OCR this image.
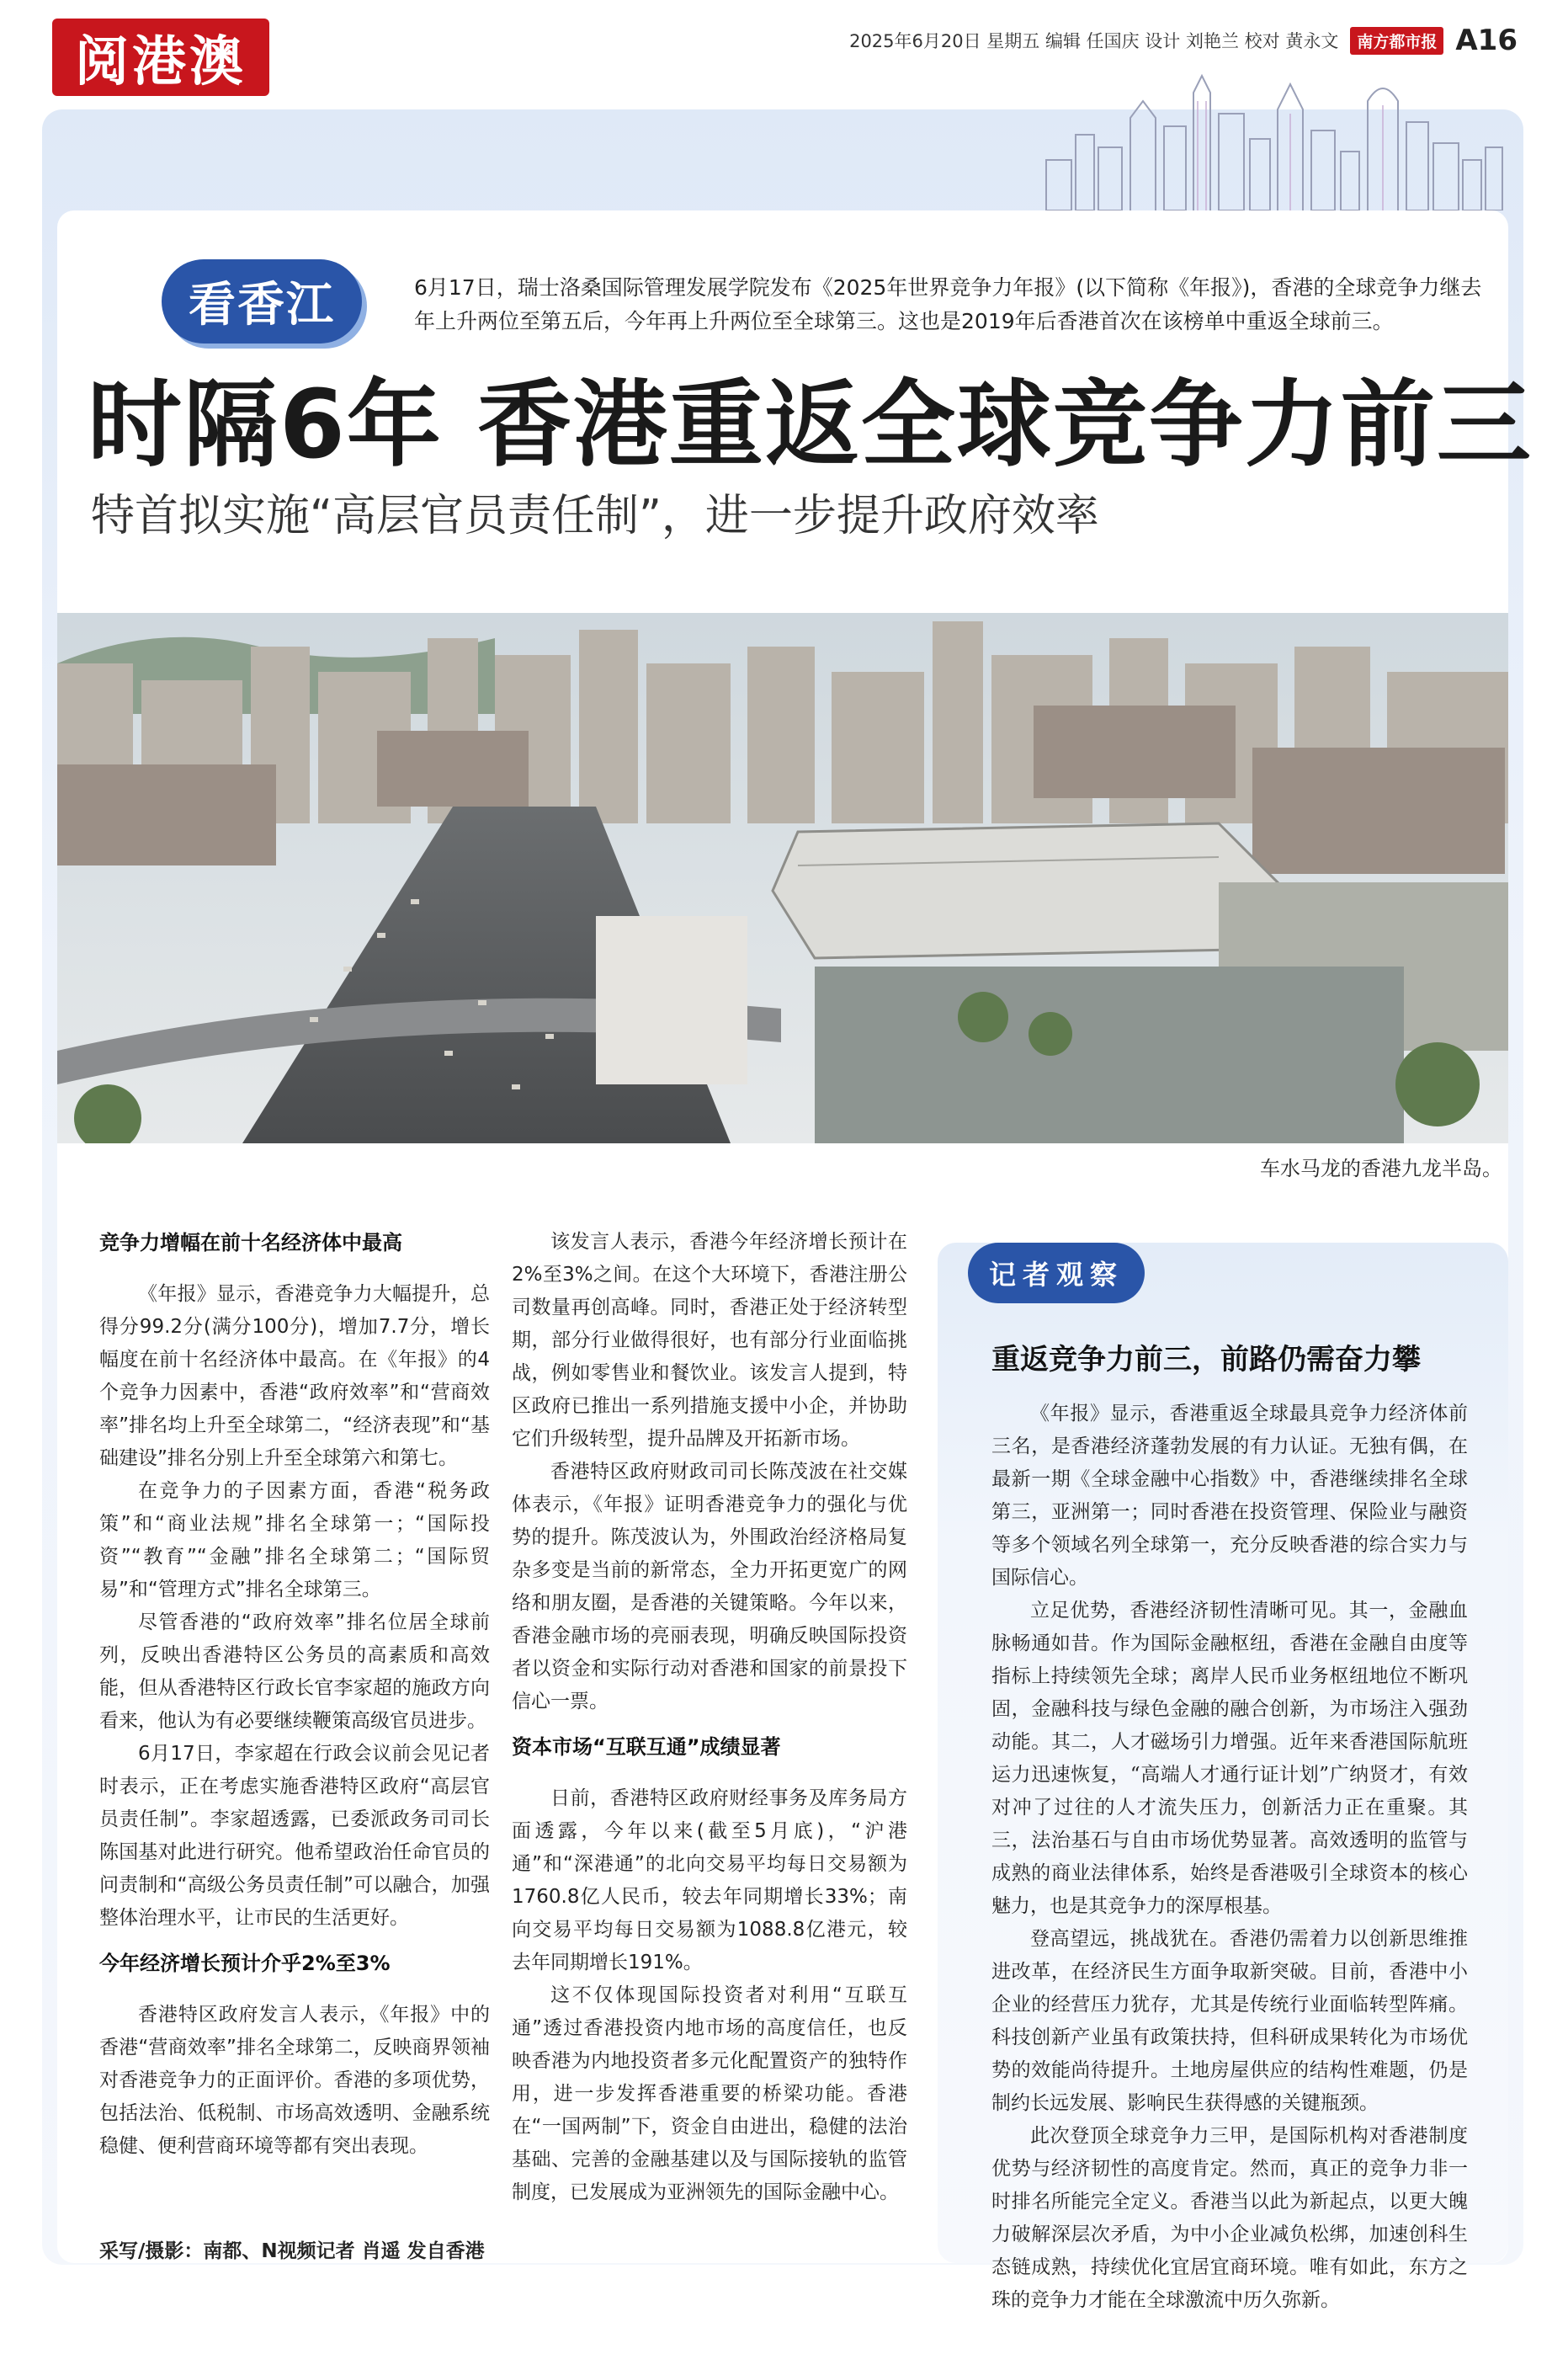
阅港澳	2025年6月20日 星期五 编辑 任国庆 设计 刘艳兰 校对 黄永文	南方都市报 A16
看香江	6月17日，瑞士洛桑国际管理发展学院发布《2025年世界竞争力年报》(以下简称《年报》)，香港的全球竞争力继去年上升两位至第五后，今年再上升两位至全球第三。这也是2019年后香港首次在该榜单中重返全球前三。
时隔6年 香港重返全球竞争力前三
特首拟实施“高层官员责任制”，进一步提升政府效率
车水马龙的香港九龙半岛。
竞争力增幅在前十名经济体中最高

《年报》显示，香港竞争力大幅提升，总得分99.2分(满分100分)，增加7.7分，增长幅度在前十名经济体中最高。在《年报》的4个竞争力因素中，香港“政府效率”和“营商效率”排名均上升至全球第二，“经济表现”和“基础建设”排名分别上升至全球第六和第七。

在竞争力的子因素方面，香港“税务政策”和“商业法规”排名全球第一；“国际投资”“教育”“金融”排名全球第二；“国际贸易”和“管理方式”排名全球第三。

尽管香港的“政府效率”排名位居全球前列，反映出香港特区公务员的高素质和高效能，但从香港特区行政长官李家超的施政方向看来，他认为有必要继续鞭策高级官员进步。

6月17日，李家超在行政会议前会见记者时表示，正在考虑实施香港特区政府“高层官员责任制”。李家超透露，已委派政务司司长陈国基对此进行研究。他希望政治任命官员的问责制和“高级公务员责任制”可以融合，加强整体治理水平，让市民的生活更好。

今年经济增长预计介乎2%至3%

香港特区政府发言人表示，《年报》中的香港“营商效率”排名全球第二，反映商界领袖对香港竞争力的正面评价。香港的多项优势，包括法治、低税制、市场高效透明、金融系统稳健、便利营商环境等都有突出表现。

该发言人表示，香港今年经济增长预计在2%至3%之间。在这个大环境下，香港注册公司数量再创高峰。同时，香港正处于经济转型期，部分行业做得很好，也有部分行业面临挑战，例如零售业和餐饮业。该发言人提到，特区政府已推出一系列措施支援中小企，并协助它们升级转型，提升品牌及开拓新市场。

香港特区政府财政司司长陈茂波在社交媒体表示，《年报》证明香港竞争力的强化与优势的提升。陈茂波认为，外围政治经济格局复杂多变是当前的新常态，全力开拓更宽广的网络和朋友圈，是香港的关键策略。今年以来，香港金融市场的亮丽表现，明确反映国际投资者以资金和实际行动对香港和国家的前景投下信心一票。

资本市场“互联互通”成绩显著

日前，香港特区政府财经事务及库务局方面透露，今年以来(截至5月底)，“沪港通”和“深港通”的北向交易平均每日交易额为1760.8亿人民币，较去年同期增长33%；南向交易平均每日交易额为1088.8亿港元，较去年同期增长191%。

这不仅体现国际投资者对利用“互联互通”透过香港投资内地市场的高度信任，也反映香港为内地投资者多元化配置资产的独特作用，进一步发挥香港重要的桥梁功能。香港在“一国两制”下，资金自由进出，稳健的法治基础、完善的金融基建以及与国际接轨的监管制度，已发展成为亚洲领先的国际金融中心。

记者观察
重返竞争力前三，前路仍需奋力攀

《年报》显示，香港重返全球最具竞争力经济体前三名，是香港经济蓬勃发展的有力认证。无独有偶，在最新一期《全球金融中心指数》中，香港继续排名全球第三，亚洲第一；同时香港在投资管理、保险业与融资等多个领域名列全球第一，充分反映香港的综合实力与国际信心。

立足优势，香港经济韧性清晰可见。其一，金融血脉畅通如昔。作为国际金融枢纽，香港在金融自由度等指标上持续领先全球；离岸人民币业务枢纽地位不断巩固，金融科技与绿色金融的融合创新，为市场注入强劲动能。其二，人才磁场引力增强。近年来香港国际航班运力迅速恢复，“高端人才通行证计划”广纳贤才，有效对冲了过往的人才流失压力，创新活力正在重聚。其三，法治基石与自由市场优势显著。高效透明的监管与成熟的商业法律体系，始终是香港吸引全球资本的核心魅力，也是其竞争力的深厚根基。

登高望远，挑战犹在。香港仍需着力以创新思维推进改革，在经济民生方面争取新突破。目前，香港中小企业的经营压力犹存，尤其是传统行业面临转型阵痛。科技创新产业虽有政策扶持，但科研成果转化为市场优势的效能尚待提升。土地房屋供应的结构性难题，仍是制约长远发展、影响民生获得感的关键瓶颈。

此次登顶全球竞争力三甲，是国际机构对香港制度优势与经济韧性的高度肯定。然而，真正的竞争力非一时排名所能完全定义。香港当以此为新起点，以更大魄力破解深层次矛盾，为中小企业减负松绑，加速创科生态链成熟，持续优化宜居宜商环境。唯有如此，东方之珠的竞争力才能在全球激流中历久弥新。

采写/摄影：南都、N视频记者 肖遥 发自香港
